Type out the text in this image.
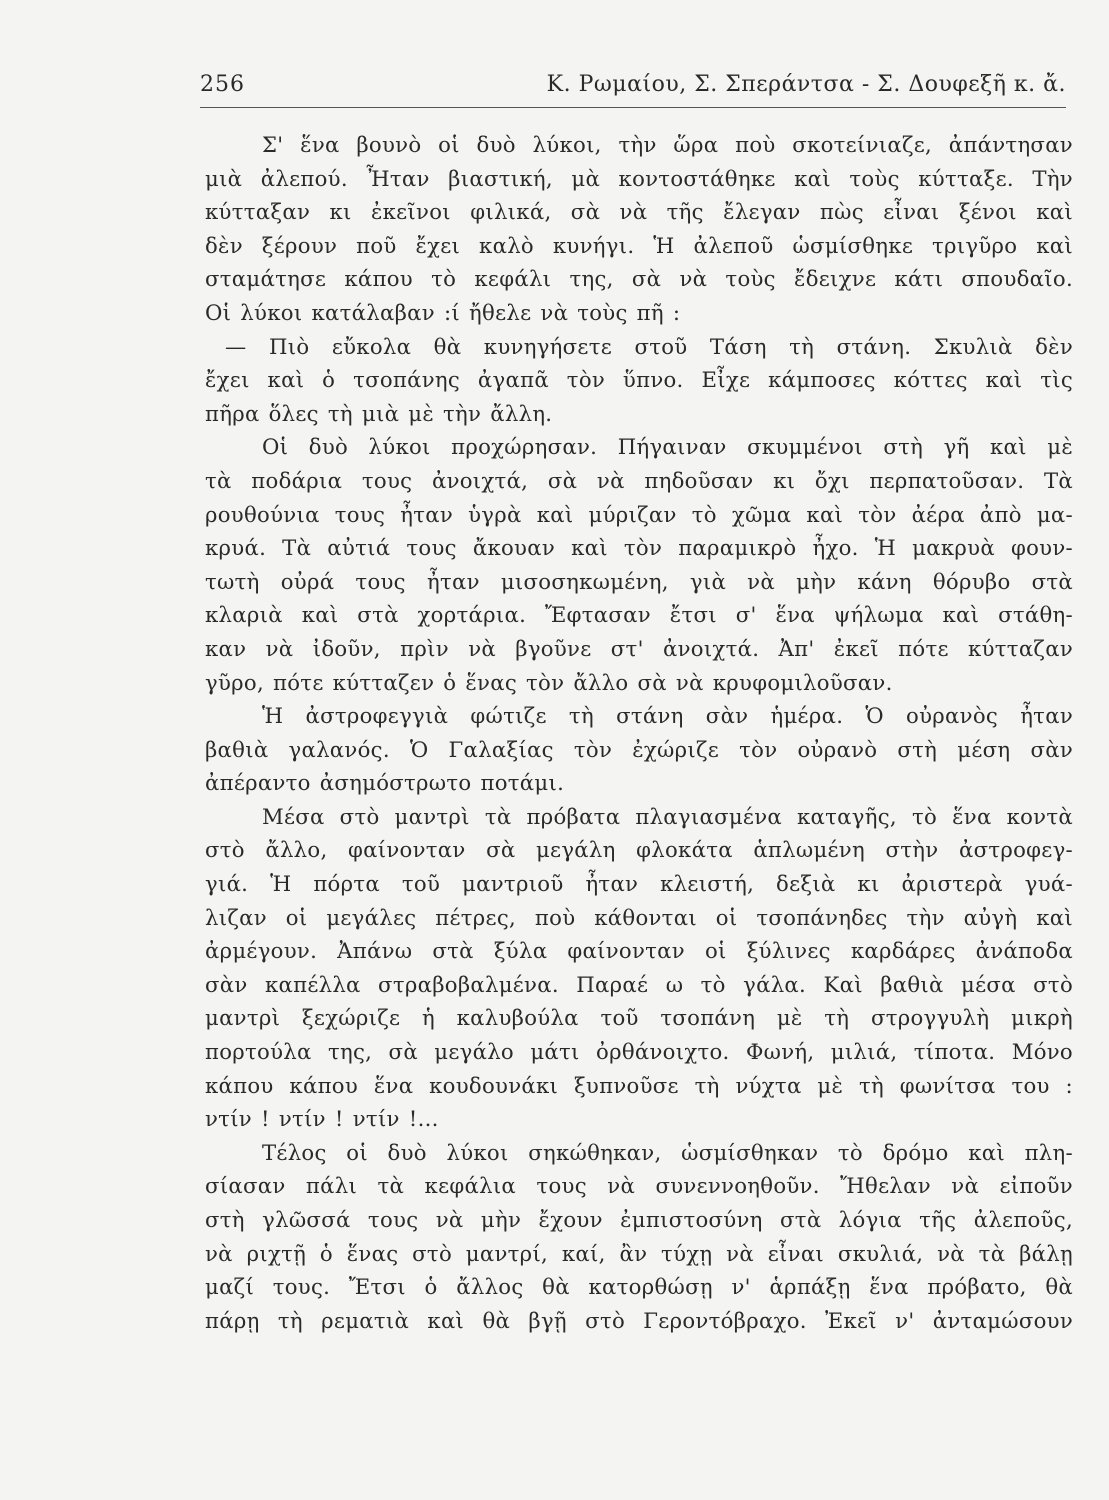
256	Κ. Ρωμαίου, Σ. Σπεράντσα - Σ. Δουφεξῆ κ. ἄ.
Σ' ἕνα βουνὸ οἱ δυὸ λύκοι, τὴν ὥρα ποὺ σκοτείνιαζε, ἀπάντησαν
μιὰ ἀλεπού. Ἦταν βιαστική, μὰ κοντοστάθηκε καὶ τοὺς κύτταξε. Τὴν
κύτταξαν κι ἐκεῖνοι φιλικά, σὰ νὰ τῆς ἔλεγαν πὼς εἶναι ξένοι καὶ
δὲν ξέρουν ποῦ ἔχει καλὸ κυνήγι. Ἡ ἀλεποῦ ὡσμίσθηκε τριγῦρο καὶ
σταμάτησε κάπου τὸ κεφάλι της, σὰ νὰ τοὺς ἔδειχνε κάτι σπουδαῖο.
Οἱ λύκοι κατάλαβαν :ί ἤθελε νὰ τοὺς πῆ :
— Πιὸ εὔκολα θὰ κυνηγήσετε στοῦ Τάση τὴ στάνη. Σκυλιὰ δὲν
ἔχει καὶ ὁ τσοπάνης ἀγαπᾶ τὸν ὕπνο. Εἶχε κάμποσες κόττες καὶ τὶς
πῆρα ὅλες τὴ μιὰ μὲ τὴν ἄλλη.
Οἱ δυὸ λύκοι προχώρησαν. Πήγαιναν σκυμμένοι στὴ γῆ καὶ μὲ
τὰ ποδάρια τους ἀνοιχτά, σὰ νὰ πηδοῦσαν κι ὄχι περπατοῦσαν. Τὰ
ρουθούνια τους ἦταν ὑγρὰ καὶ μύριζαν τὸ χῶμα καὶ τὸν ἀέρα ἀπὸ μα-
κρυά. Τὰ αὐτιά τους ἄκουαν καὶ τὸν παραμικρὸ ἦχο. Ἡ μακρυὰ φουν-
τωτὴ οὐρά τους ἦταν μισοσηκωμένη, γιὰ νὰ μὴν κάνη θόρυβο στὰ
κλαριὰ καὶ στὰ χορτάρια. Ἔφτασαν ἔτσι σ' ἕνα ψήλωμα καὶ στάθη-
καν νὰ ἰδοῦν, πρὶν νὰ βγοῦνε στ' ἀνοιχτά. Ἀπ' ἐκεῖ πότε κύτταζαν
γῦρο, πότε κύτταζεν ὁ ἕνας τὸν ἄλλο σὰ νὰ κρυφομιλοῦσαν.
Ἡ ἀστροφεγγιὰ φώτιζε τὴ στάνη σὰν ἡμέρα. Ὁ οὐρανὸς ἦταν
βαθιὰ γαλανός. Ὁ Γαλαξίας τὸν ἐχώριζε τὸν οὐρανὸ στὴ μέση σὰν
ἀπέραντο ἀσημόστρωτο ποτάμι.
Μέσα στὸ μαντρὶ τὰ πρόβατα πλαγιασμένα καταγῆς, τὸ ἕνα κοντὰ
στὸ ἄλλο, φαίνονταν σὰ μεγάλη φλοκάτα ἁπλωμένη στὴν ἀστροφεγ-
γιά. Ἡ πόρτα τοῦ μαντριοῦ ἦταν κλειστή, δεξιὰ κι ἀριστερὰ γυά-
λιζαν οἱ μεγάλες πέτρες, ποὺ κάθονται οἱ τσοπάνηδες τὴν αὐγὴ καὶ
ἀρμέγουν. Ἀπάνω στὰ ξύλα φαίνονταν οἱ ξύλινες καρδάρες ἀνάποδα
σὰν καπέλλα στραβοβαλμένα. Παραέ ω τὸ γάλα. Καὶ βαθιὰ μέσα στὸ
μαντρὶ ξεχώριζε ἡ καλυβούλα τοῦ τσοπάνη μὲ τὴ στρογγυλὴ μικρὴ
πορτούλα της, σὰ μεγάλο μάτι ὀρθάνοιχτο. Φωνή, μιλιά, τίποτα. Μόνο
κάπου κάπου ἕνα κουδουνάκι ξυπνοῦσε τὴ νύχτα μὲ τὴ φωνίτσα του :
ντίν ! ντίν ! ντίν !...
Τέλος οἱ δυὸ λύκοι σηκώθηκαν, ὡσμίσθηκαν τὸ δρόμο καὶ πλη-
σίασαν πάλι τὰ κεφάλια τους νὰ συνεννοηθοῦν. Ἤθελαν νὰ εἰποῦν
στὴ γλῶσσά τους νὰ μὴν ἔχουν ἐμπιστοσύνη στὰ λόγια τῆς ἀλεποῦς,
νὰ ριχτῇ ὁ ἕνας στὸ μαντρί, καί, ἂν τύχῃ νὰ εἶναι σκυλιά, νὰ τὰ βάλῃ
μαζί τους. Ἔτσι ὁ ἄλλος θὰ κατορθώσῃ ν' ἁρπάξῃ ἕνα πρόβατο, θὰ
πάρῃ τὴ ρεματιὰ καὶ θὰ βγῇ στὸ Γεροντόβραχο. Ἐκεῖ ν' ἀνταμώσουν
